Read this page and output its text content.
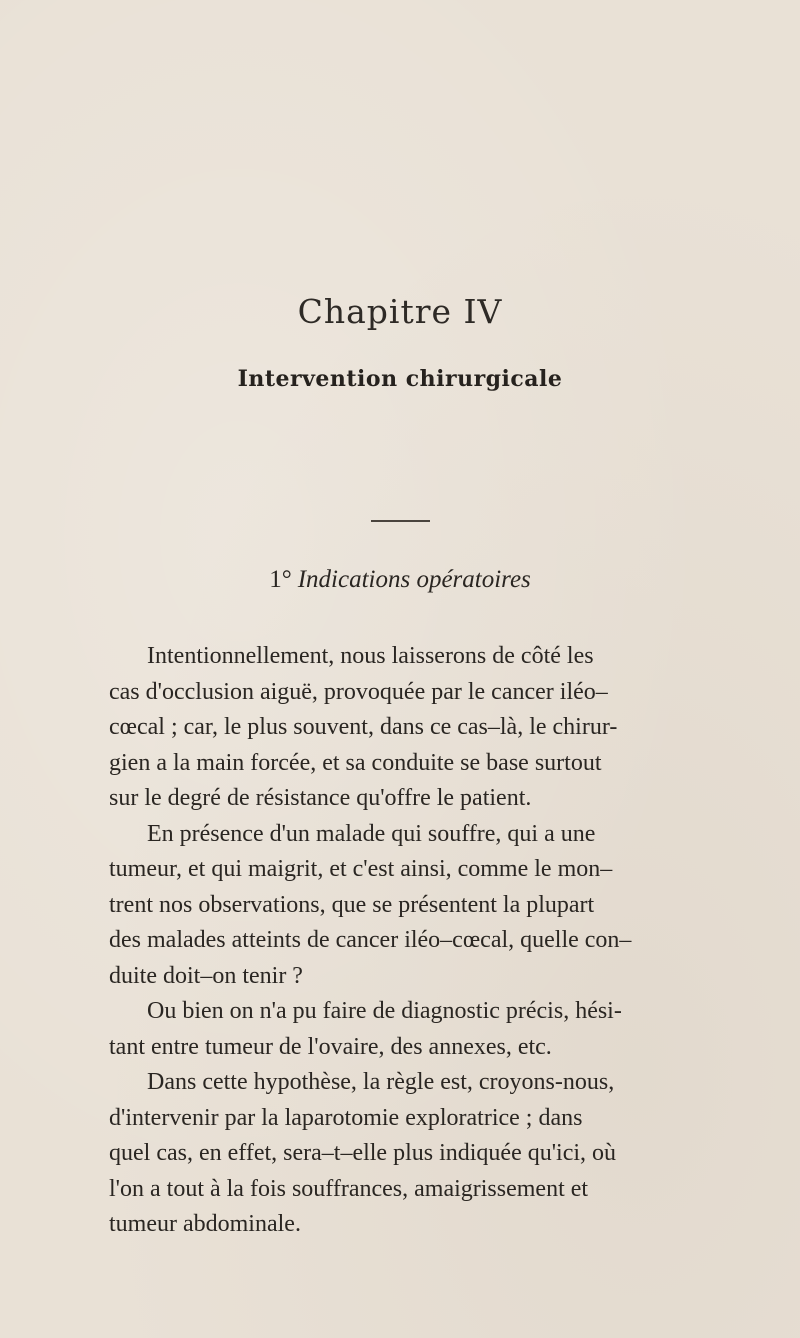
Chapitre IV
Intervention chirurgicale
1° Indications opératoires
Intentionnellement, nous laisserons de côté les
cas d'occlusion aiguë, provoquée par le cancer iléo–
cœcal ; car, le plus souvent, dans ce cas–là, le chirur-
gien a la main forcée, et sa conduite se base surtout
sur le degré de résistance qu'offre le patient.
En présence d'un malade qui souffre, qui a une
tumeur, et qui maigrit, et c'est ainsi, comme le mon–
trent nos observations, que se présentent la plupart
des malades atteints de cancer iléo–cœcal, quelle con–
duite doit–on tenir ?
Ou bien on n'a pu faire de diagnostic précis, hési-
tant entre tumeur de l'ovaire, des annexes, etc.
Dans cette hypothèse, la règle est, croyons-nous,
d'intervenir par la laparotomie exploratrice ; dans
quel cas, en effet, sera–t–elle plus indiquée qu'ici, où
l'on a tout à la fois souffrances, amaigrissement et
tumeur abdominale.
